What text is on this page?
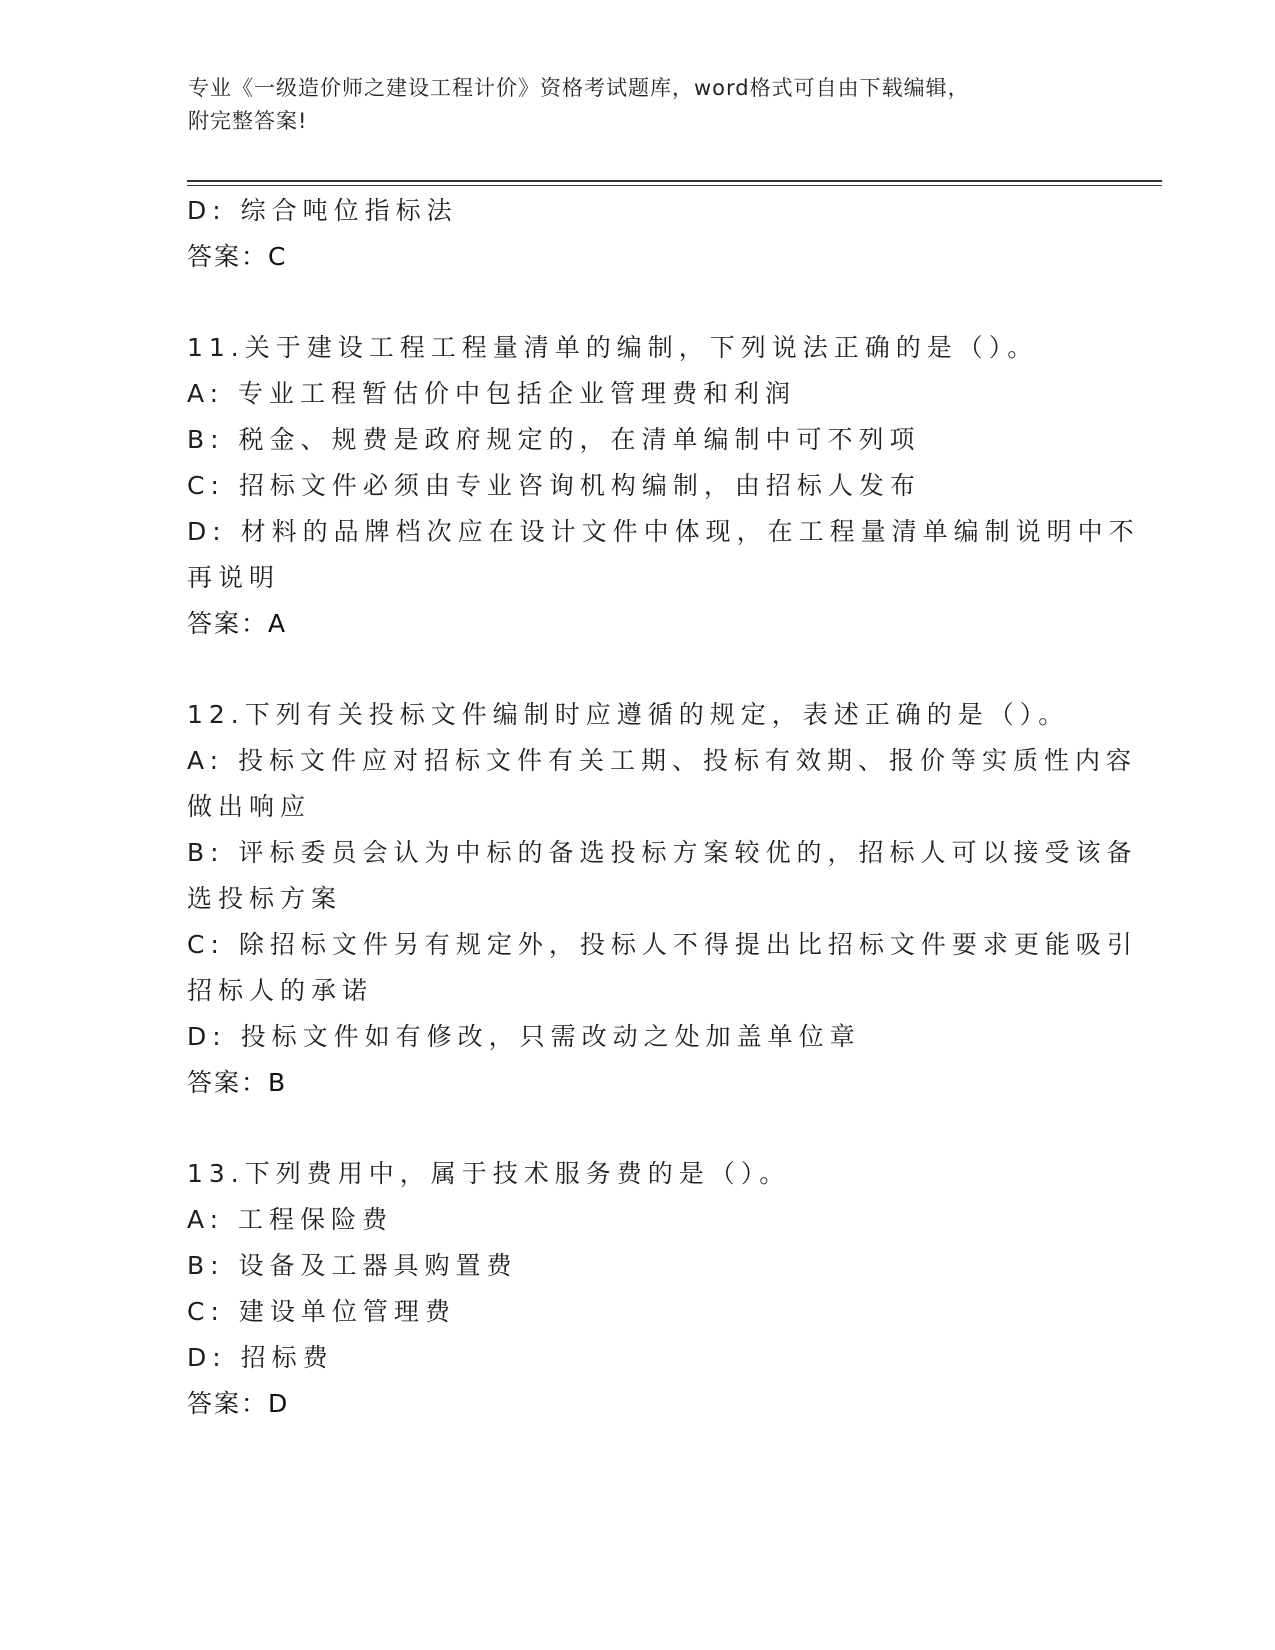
专业《一级造价师之建设工程计价》资格考试题库，word格式可自由下载编辑，
附完整答案!
D: 综合吨位指标法
答案：C
11.关于建设工程工程量清单的编制，下列说法正确的是（）。
A: 专业工程暂估价中包括企业管理费和利润
B: 税金、规费是政府规定的，在清单编制中可不列项
C: 招标文件必须由专业咨询机构编制，由招标人发布
D: 材料的品牌档次应在设计文件中体现，在工程量清单编制说明中不
再说明
答案：A
12.下列有关投标文件编制时应遵循的规定，表述正确的是（）。
A: 投标文件应对招标文件有关工期、投标有效期、报价等实质性内容
做出响应
B: 评标委员会认为中标的备选投标方案较优的，招标人可以接受该备
选投标方案
C: 除招标文件另有规定外，投标人不得提出比招标文件要求更能吸引
招标人的承诺
D: 投标文件如有修改，只需改动之处加盖单位章
答案：B
13.下列费用中，属于技术服务费的是（）。
A: 工程保险费
B: 设备及工器具购置费
C: 建设单位管理费
D: 招标费
答案：D
